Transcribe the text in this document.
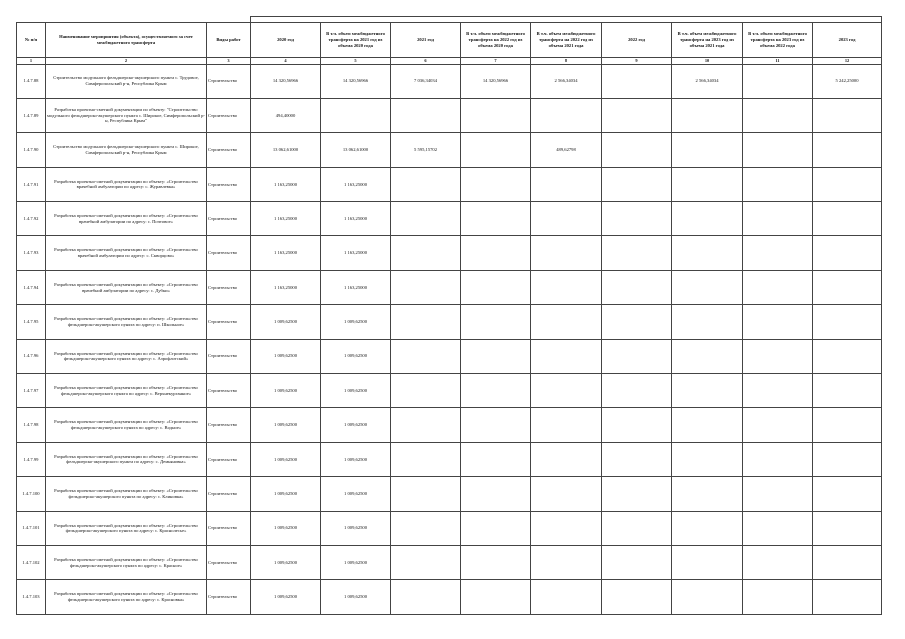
№ п/п	Наименование мероприятия (объекта), осуществляемого за счет межбюджетного трансферта	Виды работ	2020 год	В т.ч. объем межбюджетного трансферта на 2021 год из объема 2020 года	2021 год	В т.ч. объем межбюджетного трансферта на 2022 год из объема 2020 года	В т.ч. объем межбюджетного трансферта на 2022 год из объема 2021 года	2022 год	В т.ч. объем межбюджетного трансферта на 2023 год из объема 2021 года	В т.ч. объем межбюджетного трансферта на 2023 год из объема 2022 года	2023 год
1	2	3	4	5	6	7	8	9	10	11	12
1.4.7.88	Строительство модульного фельдшерско-акушерского пункта с. Трудовое, Симферопольский р-н, Республика Крым	Строительство	14 320,56966	14 320,56966	7 036,34034	14 320,56966	2 566,34034		2 566,34034		5 242,25000
1.4.7.89	Разработка проектно-сметной документации по объекту: "Строительство модульного фельдшерско-акушерского пункта с. Широкое, Симферопольский р-н, Республика Крым"	Строительство	494,40000								
1.4.7.90	Строительство модульного фельдшерско-акушерского пункта с. Широкое, Симферопольский р-н, Республика Крым	Строительство	13 062,61000	13 062,61000	5 595,15702		489,62798				
1.4.7.91	Разработка проектно-сметной документации по объекту: «Строительство врачебной амбулатории по адресу: с. Журавлевка»	Строительство	1 163,25000	1 163,25000							
1.4.7.92	Разработка проектно-сметной документации по объекту: «Строительство врачебной амбулатории по адресу: с. Почтовое»	Строительство	1 163,25000	1 163,25000							
1.4.7.93	Разработка проектно-сметной документации по объекту: «Строительство врачебной амбулатории по адресу: с. Скворцово»	Строительство	1 163,25000	1 163,25000							
1.4.7.94	Разработка проектно-сметной документации по объекту: «Строительство врачебной амбулатории по адресу: с. Дубки»	Строительство	1 163,25000	1 163,25000							
1.4.7.95	Разработка проектно-сметной документации по объекту: «Строительство фельдшерско-акушерского пункта по адресу: п. Школьное»	Строительство	1 009,62500	1 009,62500							
1.4.7.96	Разработка проектно-сметной документации по объекту: «Строительство фельдшерско-акушерского пункта по адресу: с. Аэрофлотский»	Строительство	1 009,62500	1 009,62500							
1.4.7.97	Разработка проектно-сметной документации по объекту: «Строительство фельдшерско-акушерского пункта по адресу: с. Верхнекурганное»	Строительство	1 009,62500	1 009,62500							
1.4.7.98	Разработка проектно-сметной документации по объекту: «Строительство фельдшерско-акушерского пункта по адресу: с. Водное»	Строительство	1 009,62500	1 009,62500							
1.4.7.99	Разработка проектно-сметной документации по объекту: «Строительство фельдшерско-акушерского пункта по адресу: с. Демьяновка»	Строительство	1 009,62500	1 009,62500							
1.4.7.100	Разработка проектно-сметной документации по объекту: «Строительство фельдшерско-акушерского пункта по адресу: с. Клиновка»	Строительство	1 009,62500	1 009,62500							
1.4.7.101	Разработка проектно-сметной документации по объекту: «Строительство фельдшерско-акушерского пункта по адресу: с. Краснолесье»	Строительство	1 009,62500	1 009,62500							
1.4.7.102	Разработка проектно-сметной документации по объекту: «Строительство фельдшерско-акушерского пункта по адресу: с. Красное»	Строительство	1 009,62500	1 009,62500							
1.4.7.103	Разработка проектно-сметной документации по объекту: «Строительство фельдшерско-акушерского пункта по адресу: с. Красновка»	Строительство	1 009,62500	1 009,62500							
